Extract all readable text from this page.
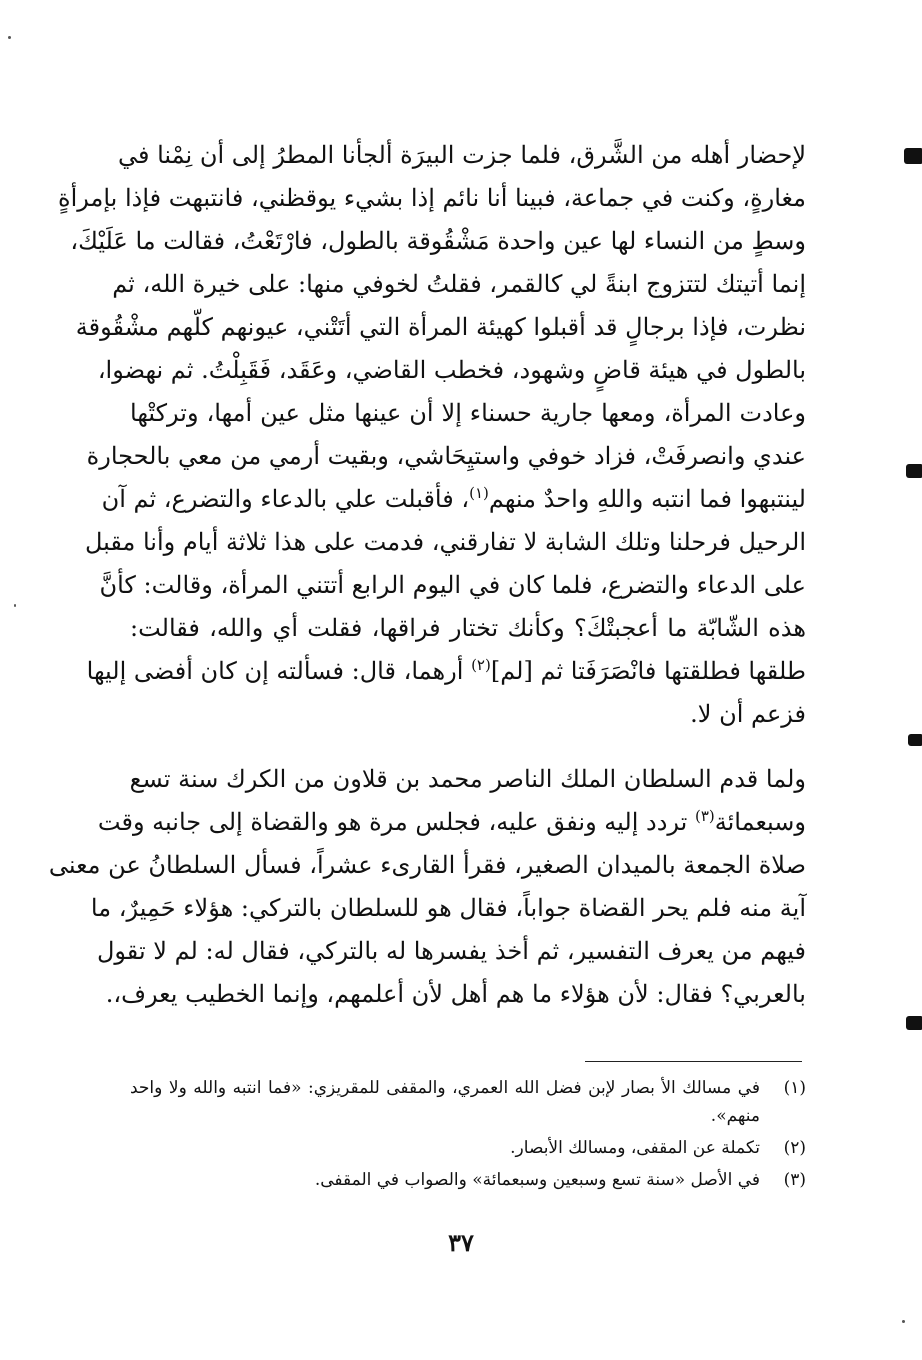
لإحضار أهله من الشَّرق، فلما جزت البيرَة ألجأنا المطرُ إلى أن نِمْنا في
مغارةٍ، وكنت في جماعة، فبينا أنا نائم إذا بشيء يوقظني، فانتبهت فإذا بإمرأةٍ
وسطٍ من النساء لها عين واحدة مَشْقُوقة بالطول، فارْتَعْتُ، فقالت ما عَلَيْكَ،
إنما أتيتك لتتزوج ابنةً لي كالقمر، فقلتُ لخوفي منها: على خيرة الله، ثم
نظرت، فإذا برجالٍ قد أقبلوا كهيئة المرأة التي أتَتْني، عيونهم كلّهم مشْقُوقة
بالطول في هيئة قاضٍ وشهود، فخطب القاضي، وعَقَد، فَقَبِلْتُ. ثم نهضوا،
وعادت المرأة، ومعها جارية حسناء إلا أن عينها مثل عين أمها، وتركتْها
عندي وانصرفَتْ، فزاد خوفي واستيِحَاشي، وبقيت أرمي من معي بالحجارة
لينتبهوا فما انتبه واللهِ واحدٌ منهم$^{(١)}$، فأقبلت علي بالدعاء والتضرع، ثم آن
الرحيل فرحلنا وتلك الشابة لا تفارقني، فدمت على هذا ثلاثة أيام وأنا مقبل
على الدعاء والتضرع، فلما كان في اليوم الرابع أتتني المرأة، وقالت: كأنَّ
هذه الشّابّة ما أعجبتْكَ؟ وكأنك تختار فراقها، فقلت أي والله، فقالت:
طلقها فطلقتها فانْصَرَفَتا ثم [لم]$^{(٢)}$ أرهما، قال: فسألته إن كان أفضى إليها
فزعم أن لا.
ولما قدم السلطان الملك الناصر محمد بن قلاون من الكرك سنة تسع
وسبعمائة$^{(٣)}$ تردد إليه ونفق عليه، فجلس مرة هو والقضاة إلى جانبه وقت
صلاة الجمعة بالميدان الصغير، فقرأ القارىء عشراً، فسأل السلطانُ عن معنى
آية منه فلم يحر القضاة جواباً، فقال هو للسلطان بالتركي: هؤلاء حَمِيرٌ، ما
فيهم من يعرف التفسير، ثم أخذ يفسرها له بالتركي، فقال له: لم لا تقول
بالعربي؟ فقال: لأن هؤلاء ما هم أهل لأن أعلمهم، وإنما الخطيب يعرف،.
(١)
في مسالك الأ بصار لإبن فضل الله العمري، والمقفى للمقريزي: «فما انتبه والله ولا واحد منهم».
(٢)
تكملة عن المقفى، ومسالك الأبصار.
(٣)
في الأصل «سنة تسع وسبعين وسبعمائة» والصواب في المقفى.
٣٧
